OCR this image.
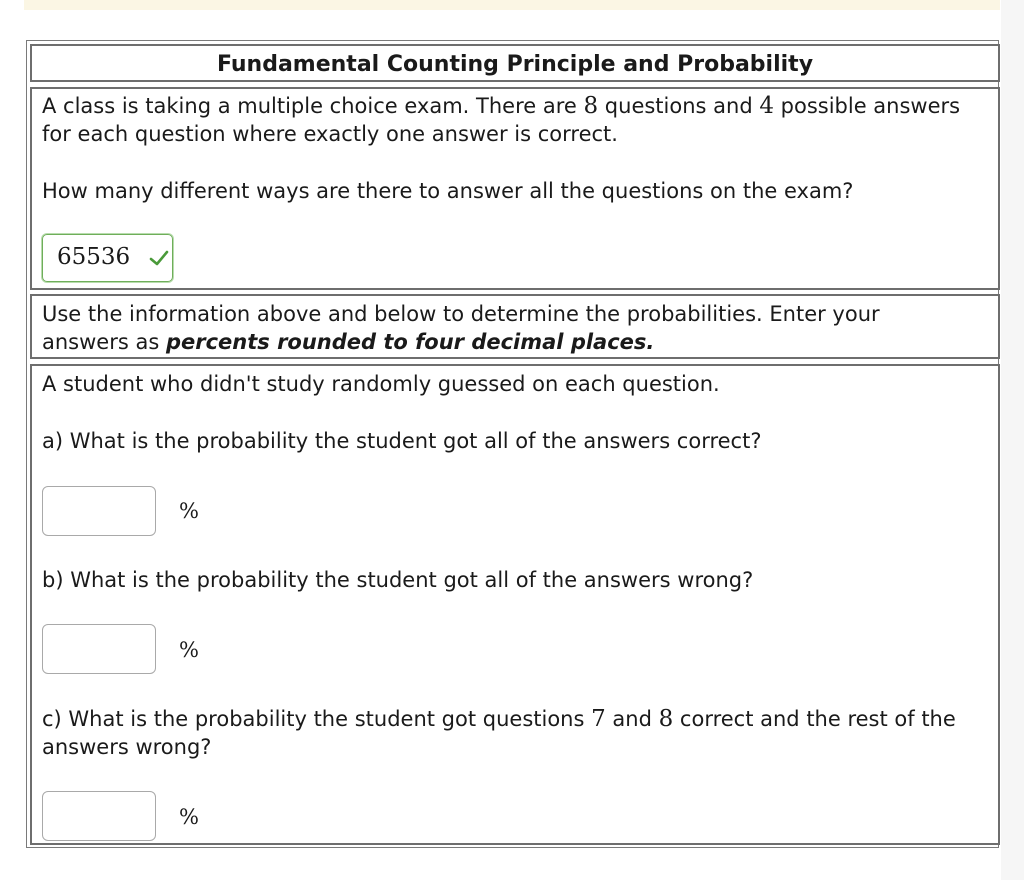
Fundamental Counting Principle and Probability
A class is taking a multiple choice exam. There are 8 questions and 4 possible answers
for each question where exactly one answer is correct.
How many different ways are there to answer all the questions on the exam?
65536
Use the information above and below to determine the probabilities. Enter your
answers as percents rounded to four decimal places.
A student who didn't study randomly guessed on each question.
a) What is the probability the student got all of the answers correct?
%
b) What is the probability the student got all of the answers wrong?
%
c) What is the probability the student got questions 7 and 8 correct and the rest of the
answers wrong?
%
